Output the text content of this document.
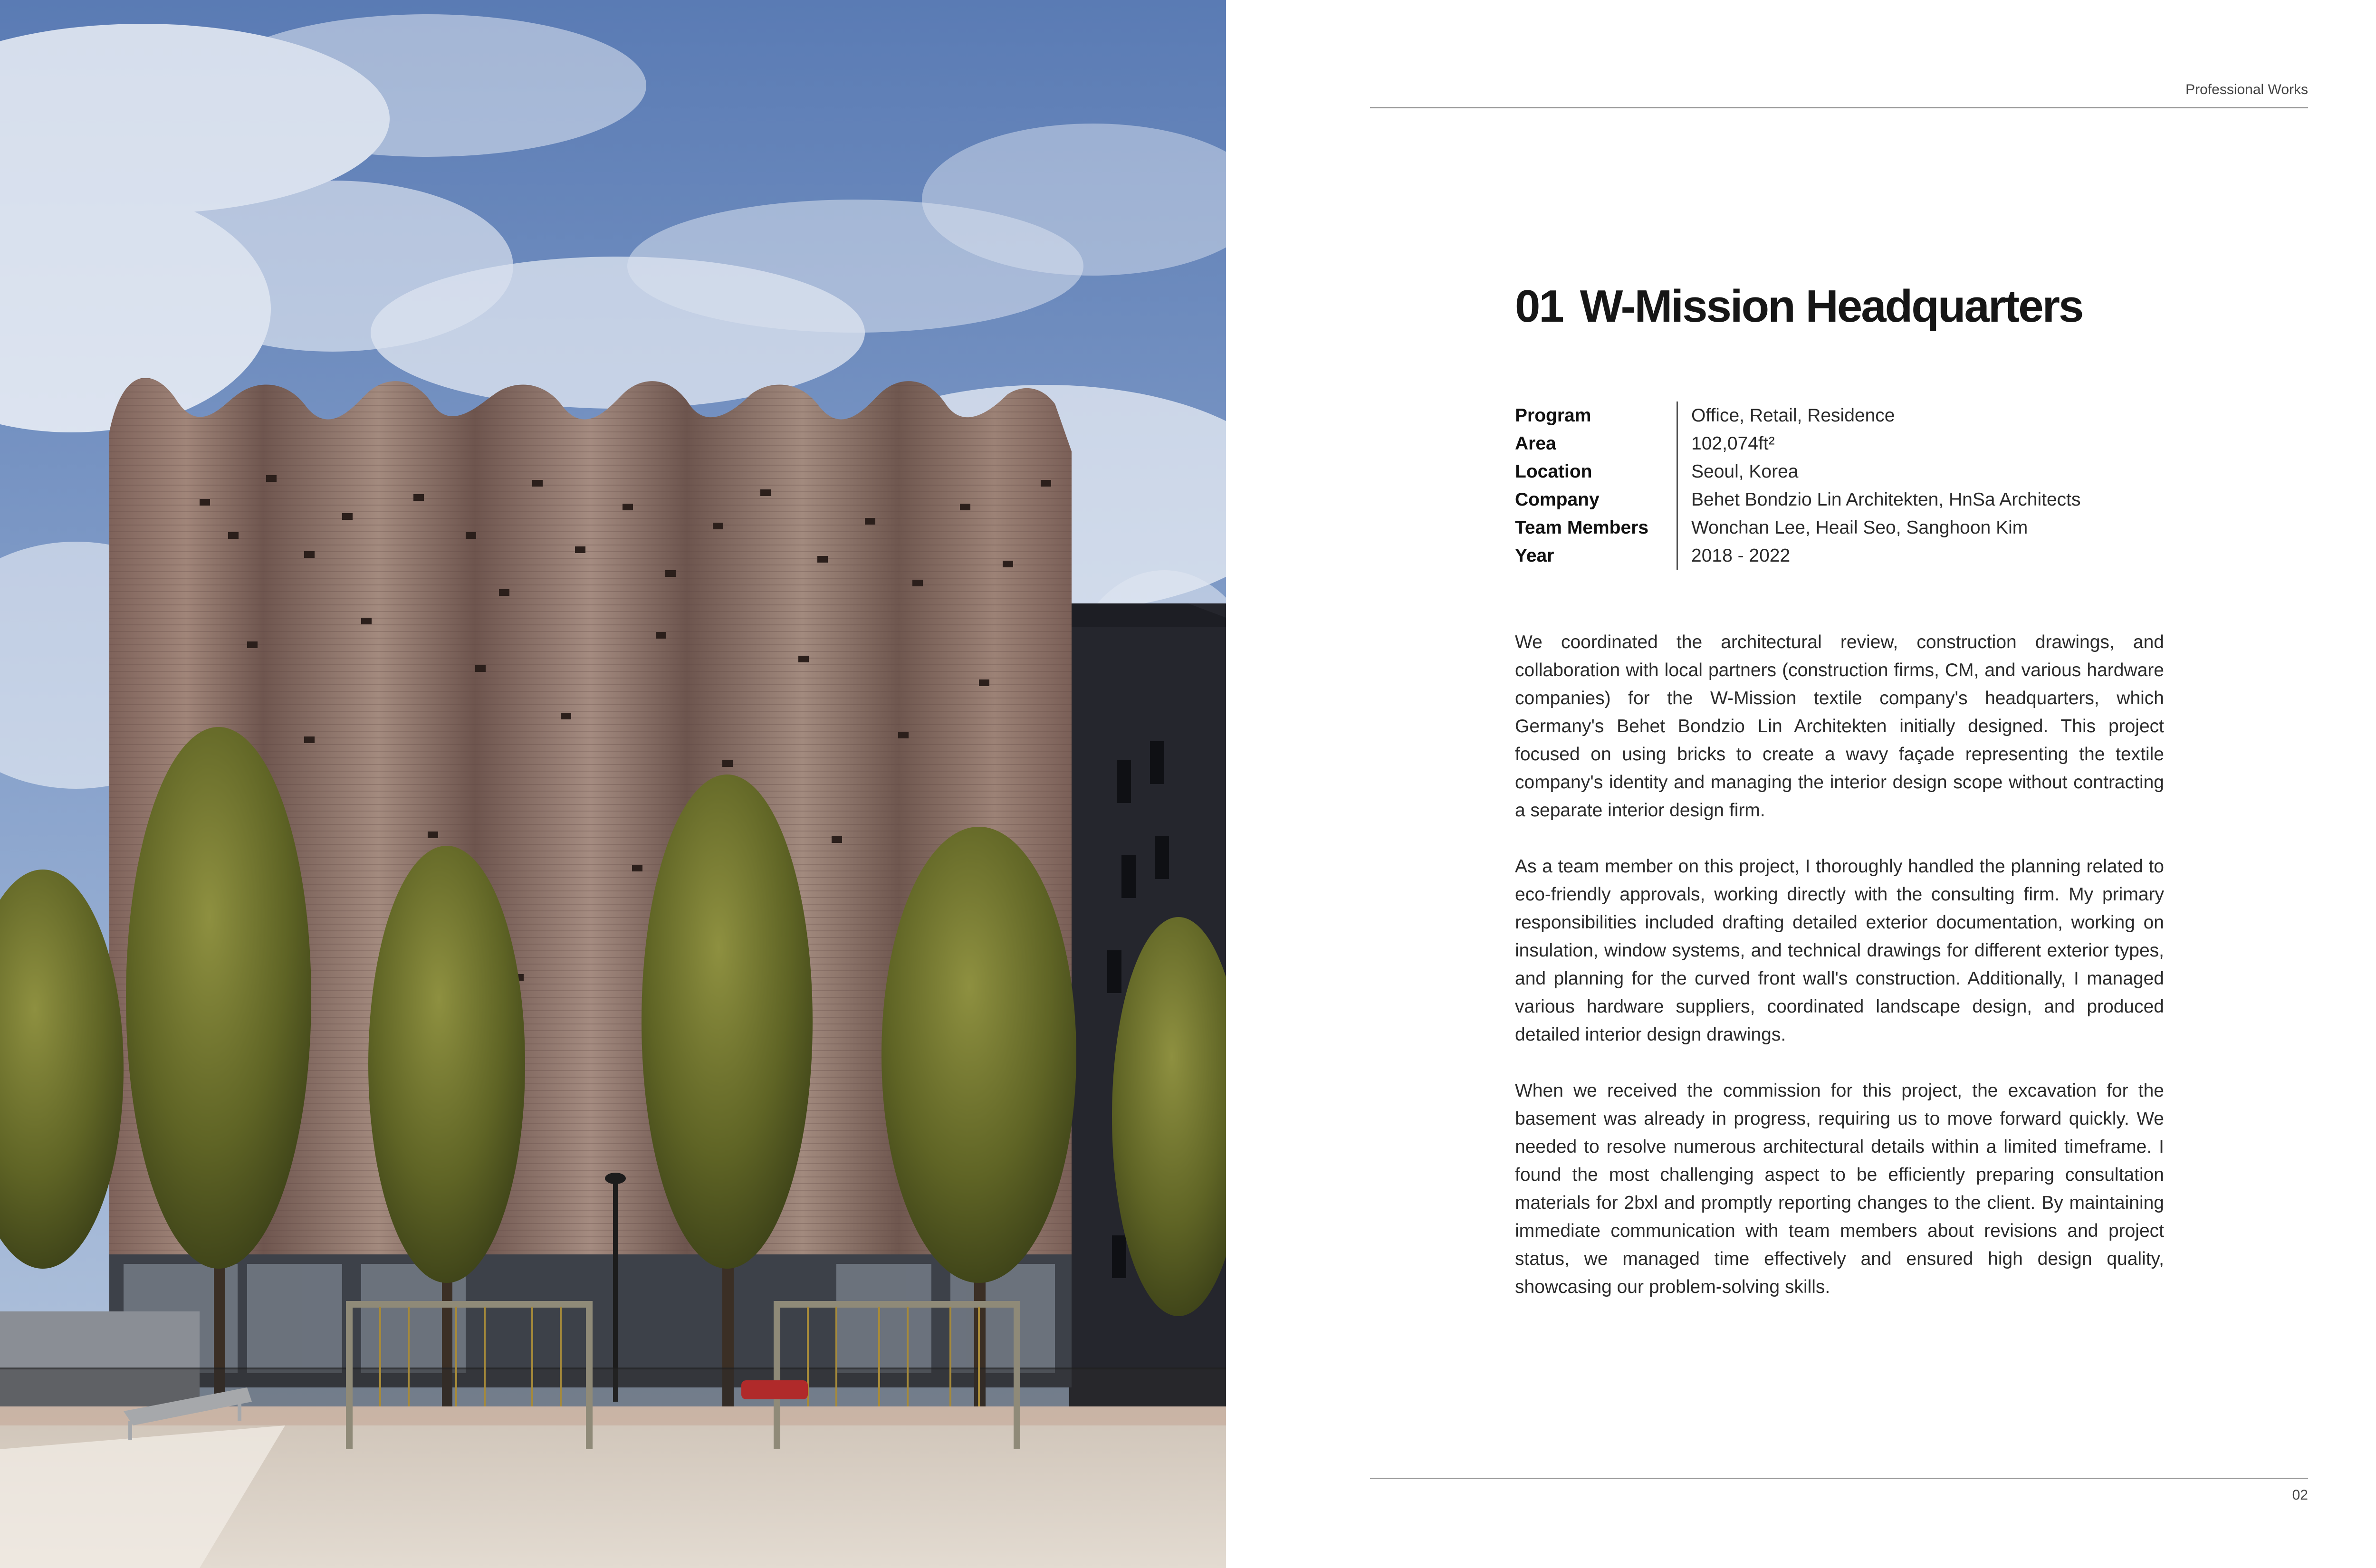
Professional Works
01 W-Mission Headquarters
Program	Office, Retail, Residence
Area	102,074ft²
Location	Seoul, Korea
Company	Behet Bondzio Lin Architekten, HnSa Architects
Team Members	Wonchan Lee, Heail Seo, Sanghoon Kim
Year	2018 - 2022

We coordinated the architectural review, construction drawings, and collaboration with local partners (construction firms, CM, and various hardware companies) for the W-Mission textile company's headquarters, which Germany's Behet Bondzio Lin Architekten initially designed. This project focused on using bricks to create a wavy façade representing the textile company's identity and managing the interior design scope without contracting a separate interior design firm.

As a team member on this project, I thoroughly handled the planning related to eco-friendly approvals, working directly with the consulting firm. My primary responsibilities included drafting detailed exterior documentation, working on insulation, window systems, and technical drawings for different exterior types, and planning for the curved front wall's construction. Additionally, I managed various hardware suppliers, coordinated landscape design, and produced detailed interior design drawings.

When we received the commission for this project, the excavation for the basement was already in progress, requiring us to move forward quickly. We needed to resolve numerous architectural details within a limited timeframe. I found the most challenging aspect to be efficiently preparing consultation materials for 2bxl and promptly reporting changes to the client. By maintaining immediate communication with team members about revisions and project status, we managed time effectively and ensured high design quality, showcasing our problem-solving skills.

02
